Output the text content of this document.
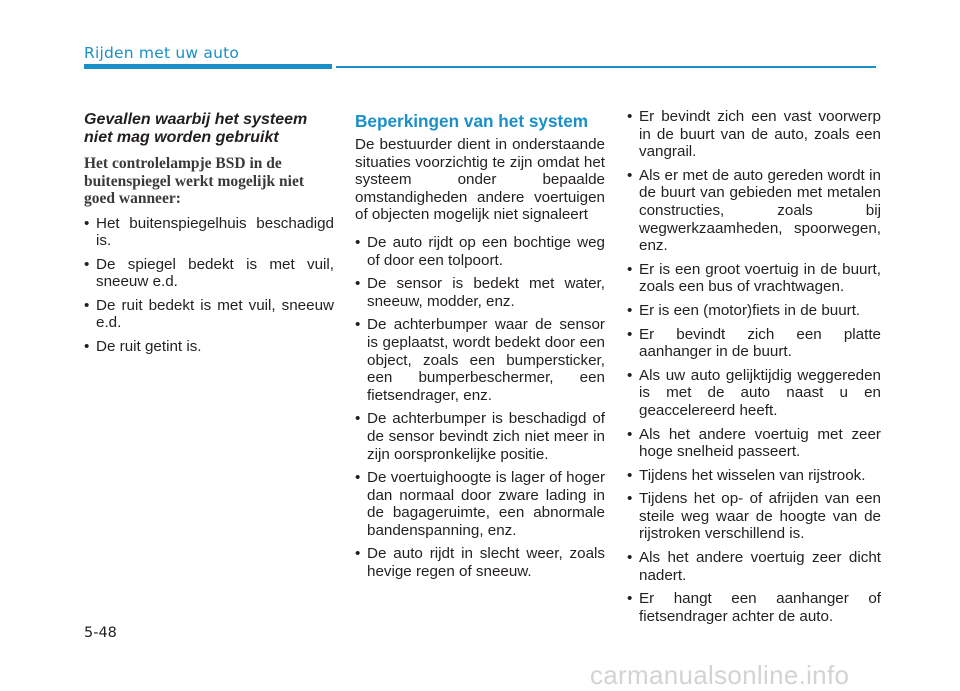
Rijden met uw auto
Gevallen waarbij het systeem niet mag worden gebruikt
Het controlelampje BSD in de buitenspiegel werkt mogelijk niet goed wanneer:
• Het buitenspiegelhuis beschadigd is.
• De spiegel bedekt is met vuil, sneeuw e.d.
• De ruit bedekt is met vuil, sneeuw e.d.
• De ruit getint is.
Beperkingen van het system
De bestuurder dient in onderstaande situaties voorzichtig te zijn omdat het systeem onder bepaalde omstandigheden andere voertuigen of objecten mogelijk niet signaleert
• De auto rijdt op een bochtige weg of door een tolpoort.
• De sensor is bedekt met water, sneeuw, modder, enz.
• De achterbumper waar de sensor is geplaatst, wordt bedekt door een object, zoals een bumpersticker, een bumperbeschermer, een fietsendrager, enz.
• De achterbumper is beschadigd of de sensor bevindt zich niet meer in zijn oorspronkelijke positie.
• De voertuighoogte is lager of hoger dan normaal door zware lading in de bagageruimte, een abnormale bandenspanning, enz.
• De auto rijdt in slecht weer, zoals hevige regen of sneeuw.
• Er bevindt zich een vast voorwerp in de buurt van de auto, zoals een vangrail.
• Als er met de auto gereden wordt in de buurt van gebieden met metalen constructies, zoals bij wegwerkzaamheden, spoorwegen, enz.
• Er is een groot voertuig in de buurt, zoals een bus of vrachtwagen.
• Er is een (motor)fiets in de buurt.
• Er bevindt zich een platte aanhanger in de buurt.
• Als uw auto gelijktijdig weggereden is met de auto naast u en geaccelereerd heeft.
• Als het andere voertuig met zeer hoge snelheid passeert.
• Tijdens het wisselen van rijstrook.
• Tijdens het op- of afrijden van een steile weg waar de hoogte van de rijstroken verschillend is.
• Als het andere voertuig zeer dicht nadert.
• Er hangt een aanhanger of fietsendrager achter de auto.
5-48
carmanualsonline.info
